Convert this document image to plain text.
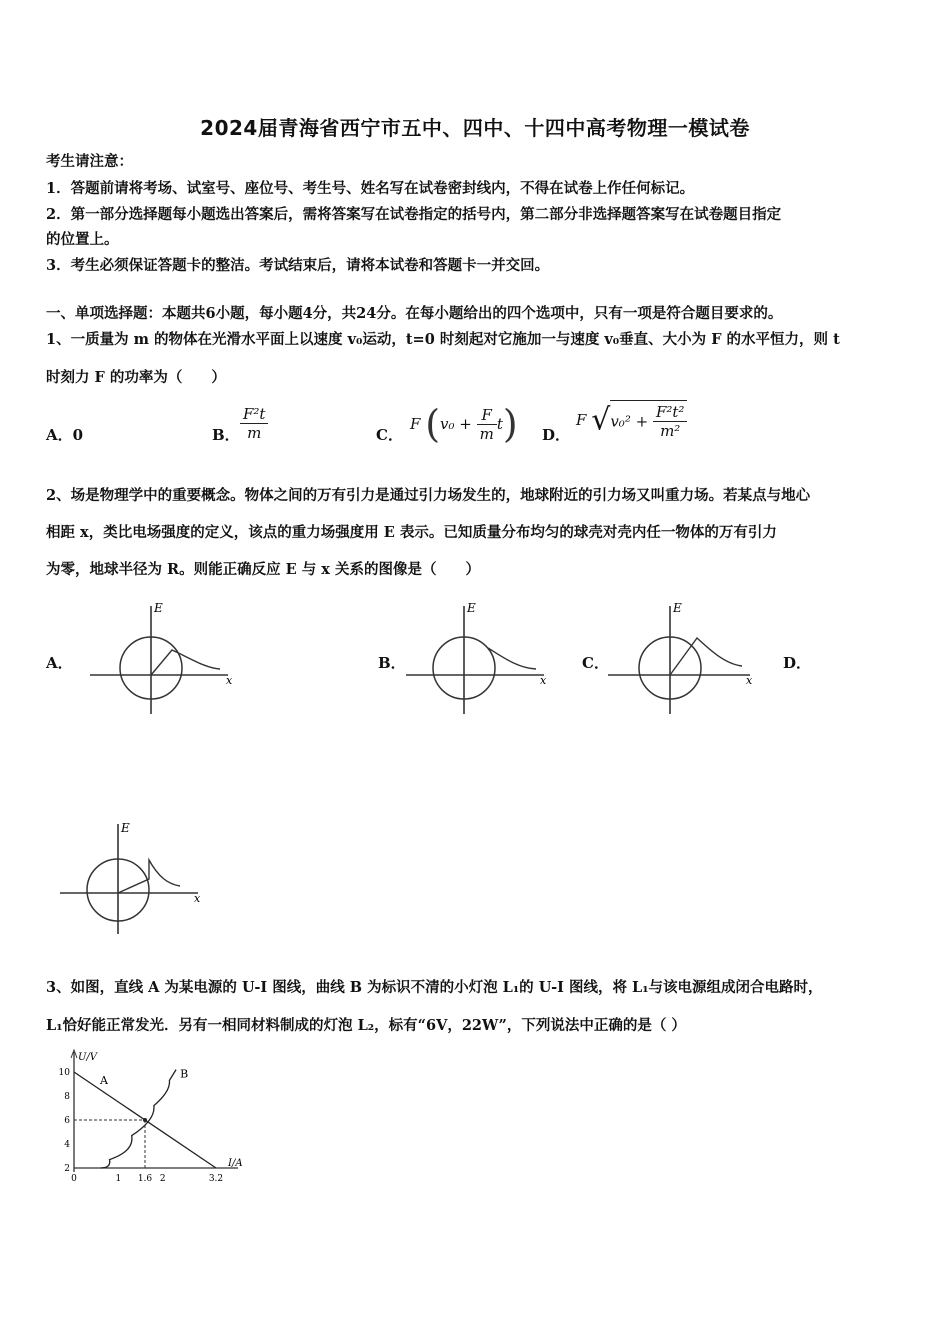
2024届青海省西宁市五中、四中、十四中高考物理一模试卷
考生请注意：
1．答题前请将考场、试室号、座位号、考生号、姓名写在试卷密封线内，不得在试卷上作任何标记。
2．第一部分选择题每小题选出答案后，需将答案写在试卷指定的括号内，第二部分非选择题答案写在试卷题目指定
的位置上。
3．考生必须保证答题卡的整洁。考试结束后，请将本试卷和答题卡一并交回。
一、单项选择题：本题共6小题，每小题4分，共24分。在每小题给出的四个选项中，只有一项是符合题目要求的。
1、一质量为 m 的物体在光滑水平面上以速度 v₀运动，t=0 时刻起对它施加一与速度 v₀垂直、大小为 F 的水平恒力，则 t
时刻力 F 的功率为（　　）
A．0	B． $\frac{\text{F²t}}{m}$	C．
F $(v_0 + \frac{F}{m} t)$ D．
F $√v_0^2 + \frac{\text{F²t²}}{\text{m²}}$
2、场是物理学中的重要概念。物体之间的万有引力是通过引力场发生的，地球附近的引力场又叫重力场。若某点与地心
相距 x，类比电场强度的定义，该点的重力场强度用 E 表示。已知质量分布均匀的球壳对壳内任一物体的万有引力
为零，地球半径为 R。则能正确反应 E 与 x 关系的图像是（　　）
A．	B．	C．	D．
E
x
E
x
E
x
E
x
3、如图，直线 A 为某电源的 U-I 图线，曲线 B 为标识不清的小灯泡 L₁的 U-I 图线，将 L₁与该电源组成闭合电路时，
L₁恰好能正常发光．另有一相同材料制成的灯泡 L₂，标有“6V，22W”，下列说法中正确的是（ ）
U/V
I/A
2
4
6
8
10
0	1 1.6 2	3.2
A	B
